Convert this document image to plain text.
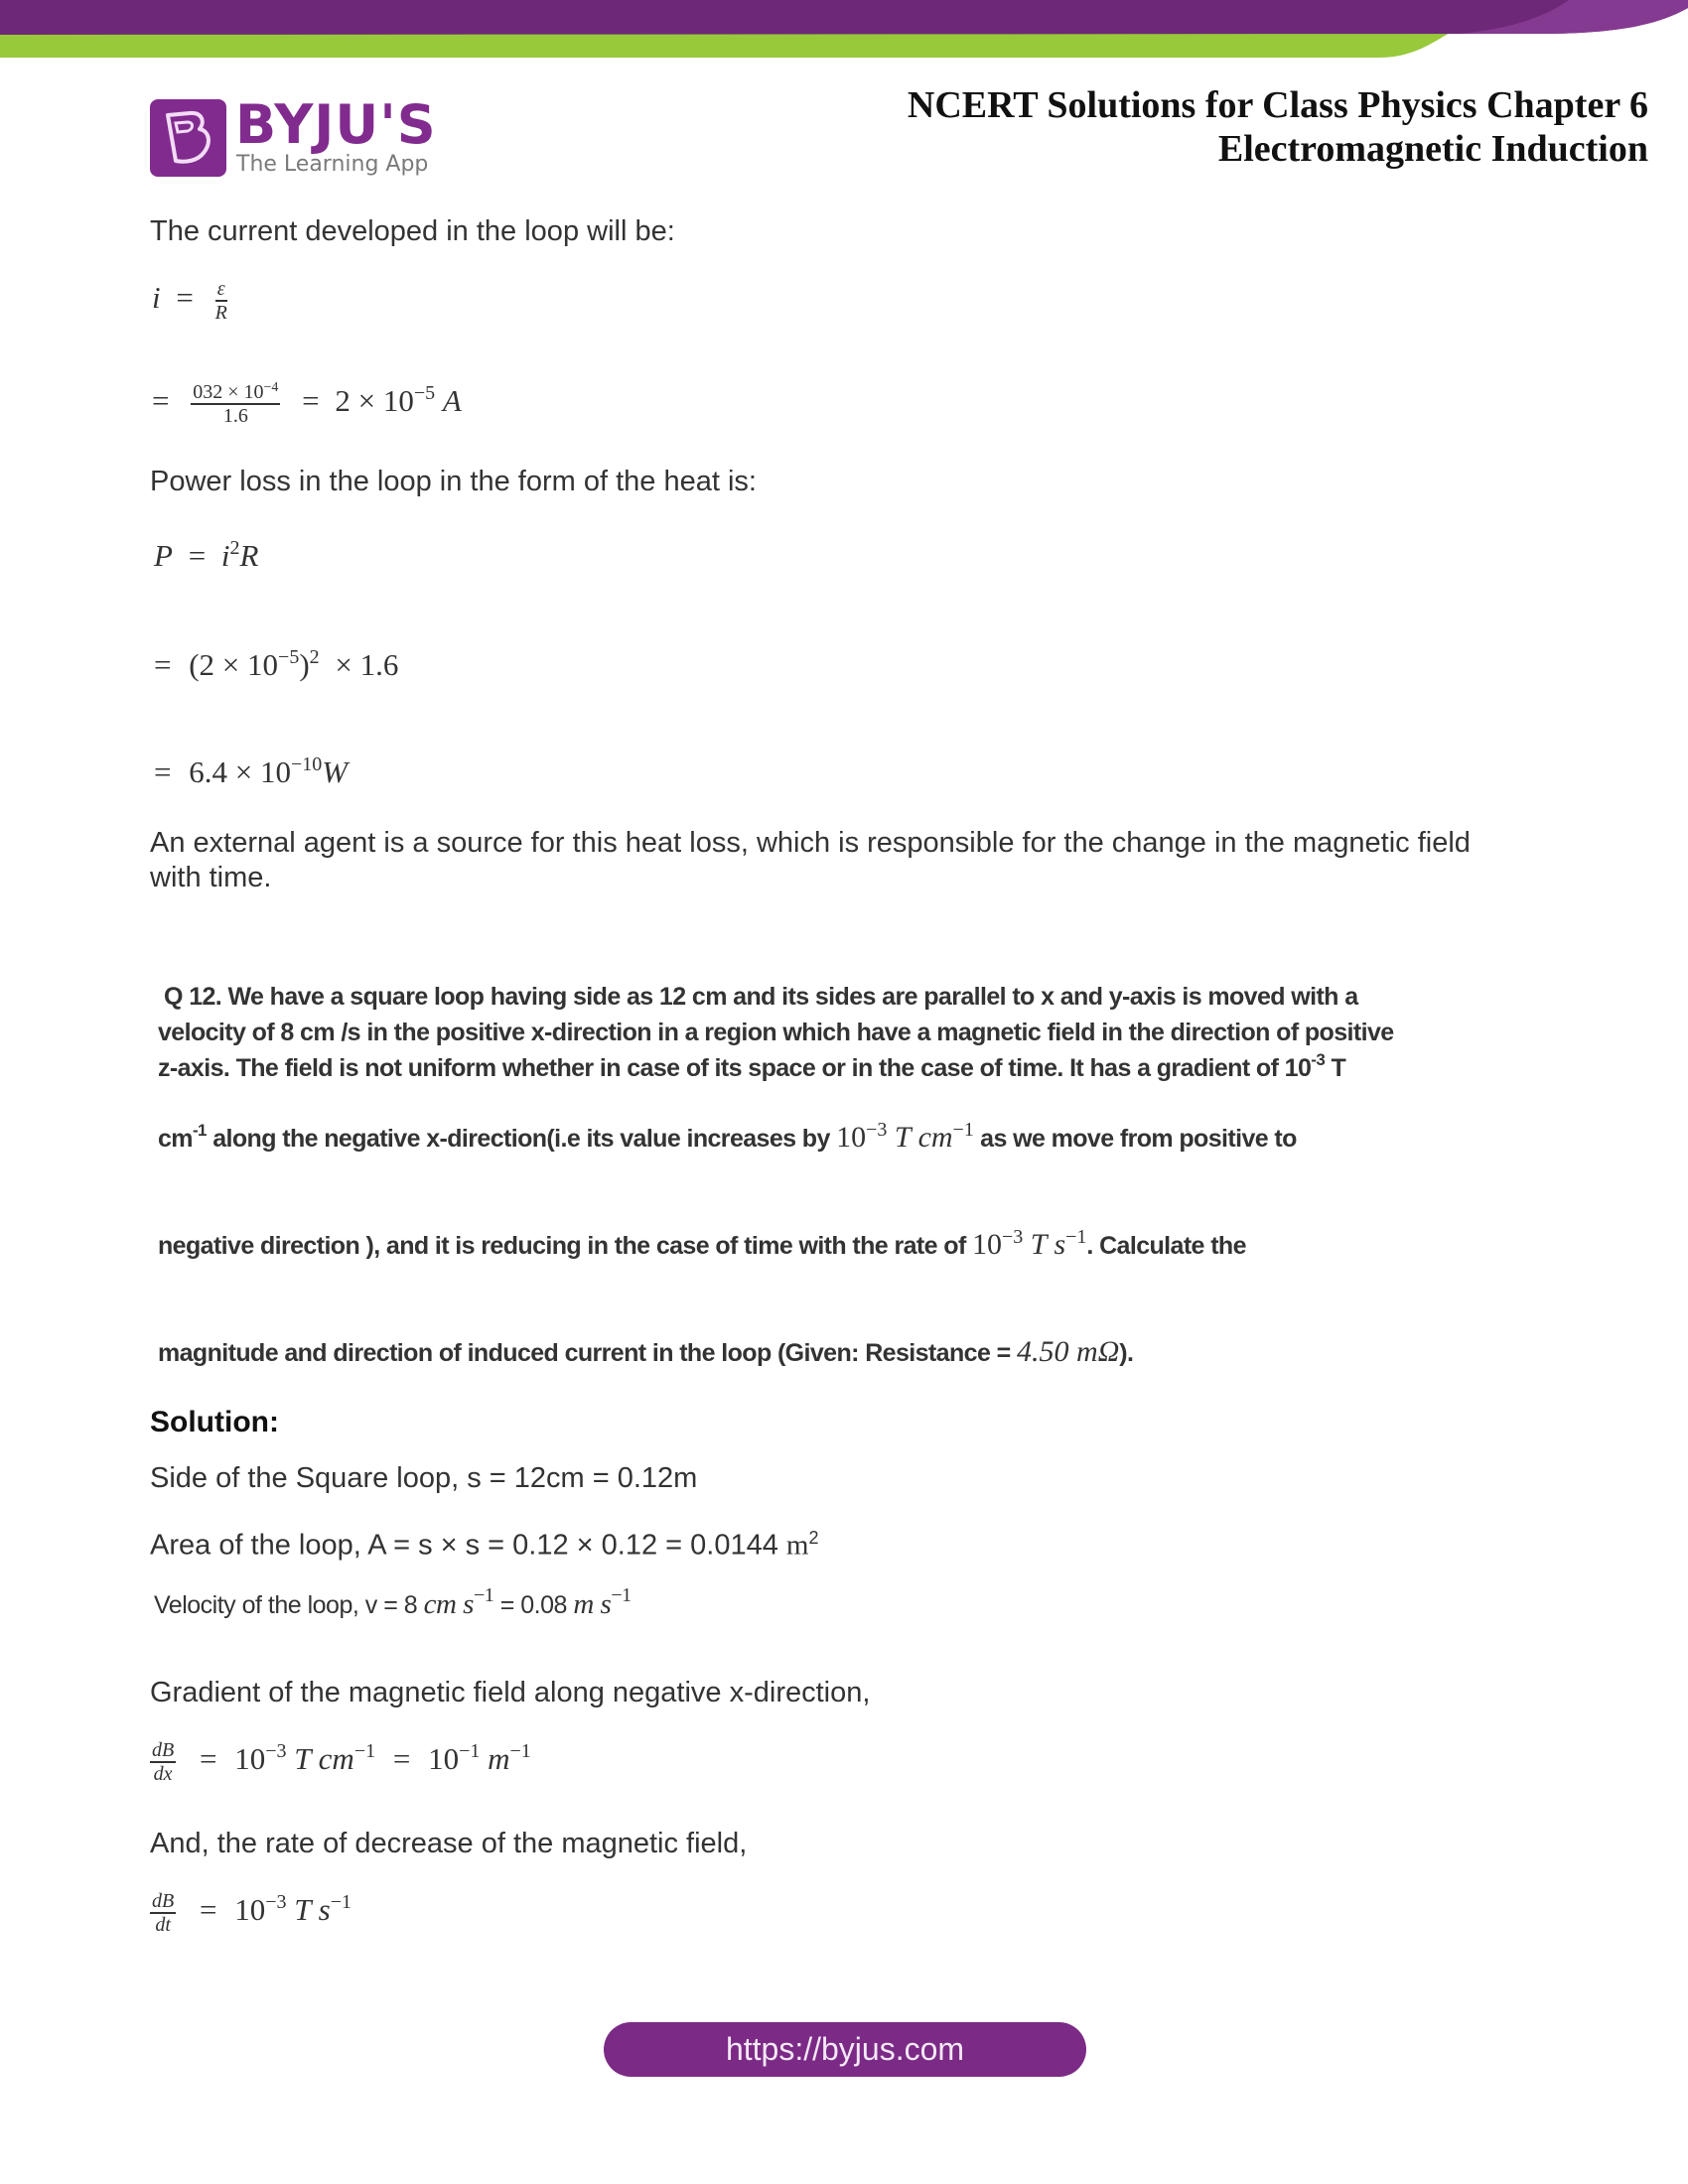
BYJU'S
The Learning App
NCERT Solutions for Class Physics Chapter 6
Electromagnetic Induction
The current developed in the loop will be:
$i = \frac{\varepsilon}{R}$
= $\frac{032 \times 10^{-4}}{1.6} = 2 \times 10^{-5}$ A
Power loss in the loop in the form of the heat is:
$P = i^2R$
= $(2 \times 10^{-5})^2 \times 1.6$
= $6.4 \times 10^{-10}W$
An external agent is a source for this heat loss, which is responsible for the change in the magnetic field with time.
Q 12. We have a square loop having side as 12 cm and its sides are parallel to x and y-axis is moved with a
velocity of 8 cm /s in the positive x-direction in a region which have a magnetic field in the direction of positive
z-axis. The field is not uniform whether in case of its space or in the case of time. It has a gradient of $10^{-3}$ T
$cm^{-1}$ along the negative x-direction(i.e its value increases by $10^{-3}$ T $cm^{-1}$ as we move from positive to
negative direction ), and it is reducing in the case of time with the rate of $10^{-3}$ T $s^{-1}$. Calculate the
magnitude and direction of induced current in the loop (Given: Resistance = 4.50 mΩ).
Solution:
Side of the Square loop, s = 12cm = 0.12m
Area of the loop, A = s × s = 0.12 × 0.12 = 0.0144 $m^2$
Velocity of the loop, v = 8 cm $s^{-1} = 0.08$ m $s^{-1}$
Gradient of the magnetic field along negative x-direction,
$\frac{dB}{dx} = 10^{-3}$ T $cm^{-1} = 10^{-1}$ $m^{-1}$
And, the rate of decrease of the magnetic field,
$\frac{dB}{dt} = 10^{-3}$ T $s^{-1}$
https://byjus.com
